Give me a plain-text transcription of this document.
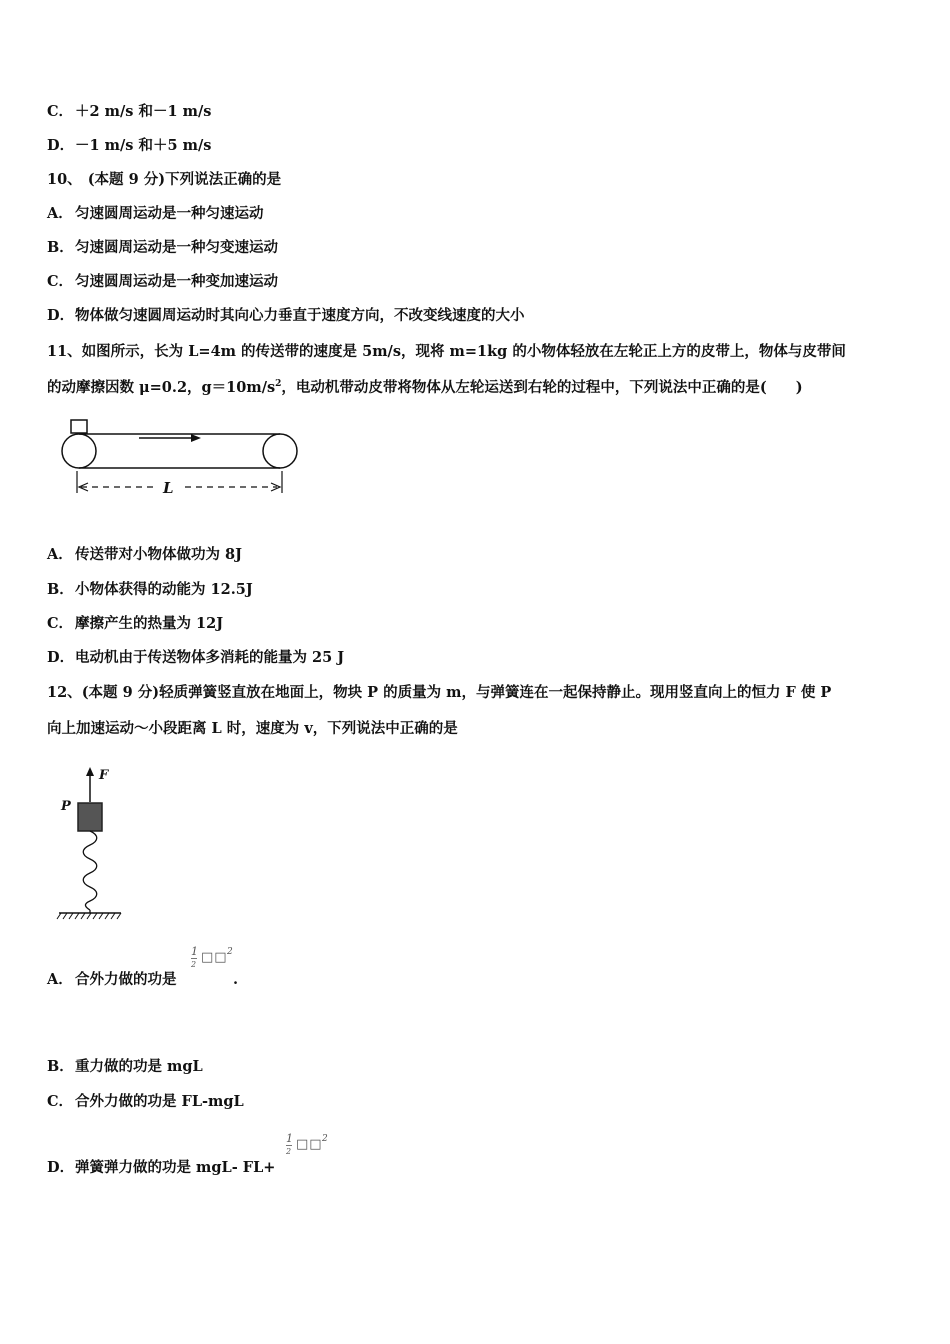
C． ＋2 m/s 和－1 m/s
D．－1 m/s 和＋5 m/s
10、 (本题 9 分)下列说法正确的是
A． 匀速圆周运动是一种匀速运动
B．匀速圆周运动是一种匀变速运动
C． 匀速圆周运动是一种变加速运动
D．物体做匀速圆周运动时其向心力垂直于速度方向，不改变线速度的大小
11、如图所示，长为 L=4m 的传送带的速度是 5m/s，现将 m=1kg 的小物体轻放在左轮正上方的皮带上，物体与皮带间
的动摩擦因数 μ=0.2，$g=10m/s^2$，电动机带动皮带将物体从左轮运送到右轮的过程中，下列说法中正确的是(　　)
L
A． 传送带对小物体做功为 8J
B．小物体获得的动能为 12.5J
C． 摩擦产生的热量为 12J
D．电动机由于传送物体多消耗的能量为 25 J
12、(本题 9 分)轻质弹簧竖直放在地面上，物块 P 的质量为 m，与弹簧连在一起保持静止。现用竖直向上的恒力 F 使 P
向上加速运动～小段距离 L 时，速度为 v，下列说法中正确的是
F
P
A． 合外力做的功是
1
2 □□ 2
.
B．重力做的功是 mgL
C． 合外力做的功是 FL-mgL
D．弹簧弹力做的功是 mgL- FL+
1
2 □□ 2
